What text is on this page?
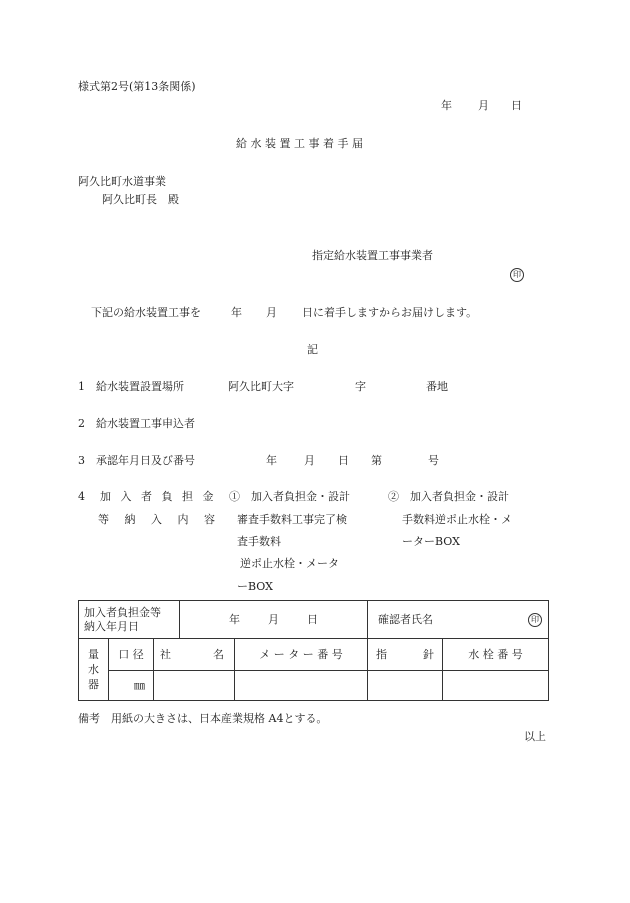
様式第2号(第13条関係)
年 月 日
給 水 装 置 工 事 着 手 届
阿久比町水道事業
阿久比町長　殿
指定給水装置工事事業者
印
下記の給水装置工事を	年 月 日に着手しますからお届けします。
記
1 給水装置設置場所	阿久比町大字	字	番地
2 給水装置工事申込者
3 承認年月日及び番号	年 月 日 第	号
4 加 入 者 負 担 金
等 納 入 内 容
①　加入者負担金・設計
審査手数料工事完了検
査手数料
逆ポ止水栓・メータ
ーBOX
②　加入者負担金・設計
手数料逆ポ止水栓・メ
ーターBOX
加入者負担金等
納入年月日			年 月 日		確認者氏名 印	

量
水
器	口 径	社 名		メ ー タ ー 番 号	指 針	水 栓 番 号
	㎜					
備考　用紙の大きさは、日本産業規格 A4とする。
以上
